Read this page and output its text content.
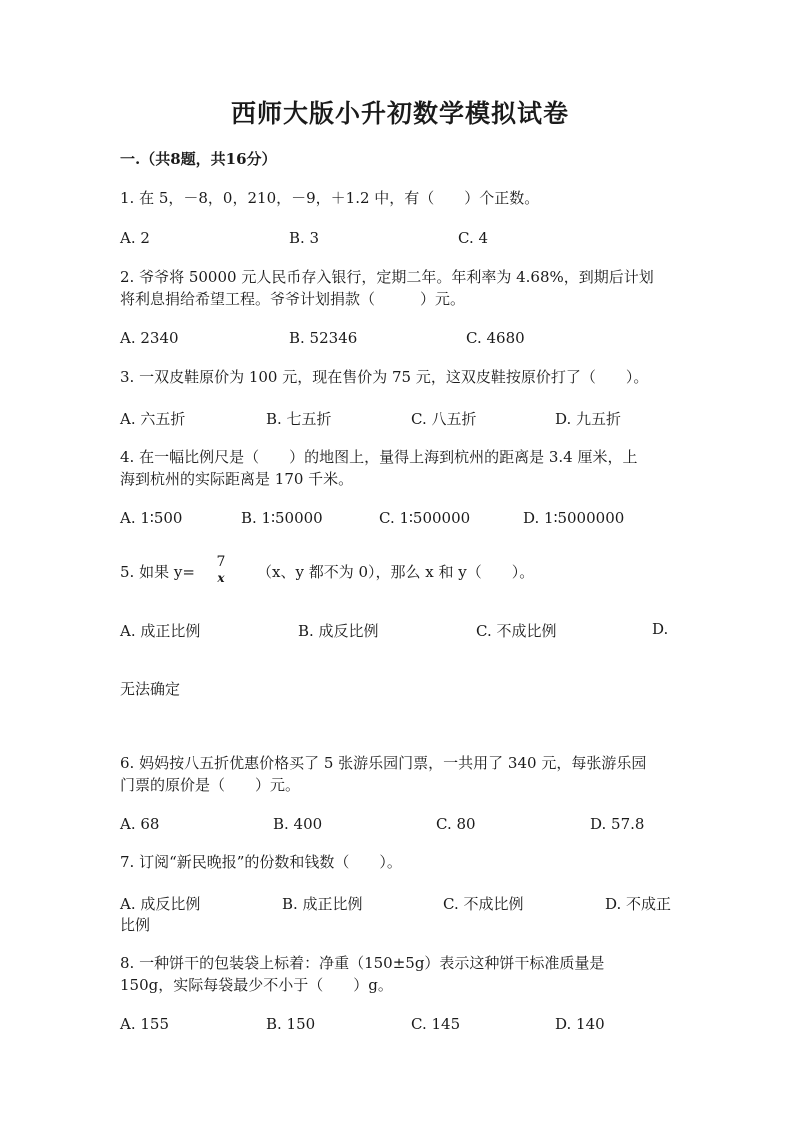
西师大版小升初数学模拟试卷
一.（共8题，共16分）
1. 在 5，－8，0，210，－9，＋1.2 中，有（　　）个正数。
A. 2	B. 3	C. 4
2. 爷爷将 50000 元人民币存入银行，定期二年。年利率为 4.68%，到期后计划
将利息捐给希望工程。爷爷计划捐款（　　　）元。
A. 2340	B. 52346	C. 4680
3. 一双皮鞋原价为 100 元，现在售价为 75 元，这双皮鞋按原价打了（　　）。
A. 六五折	B. 七五折	C. 八五折	D. 九五折
4. 在一幅比例尺是（　　）的地图上，量得上海到杭州的距离是 3.4 厘米，上
海到杭州的实际距离是 170 千米。
A. 1∶500	B. 1∶50000	C. 1∶500000	D. 1∶5000000
5. 如果 y=
7
x （x、y 都不为 0），那么 x 和 y（　　）。
A. 成正比例	B. 成反比例	C. 不成比例	D.
无法确定
6. 妈妈按八五折优惠价格买了 5 张游乐园门票，一共用了 340 元，每张游乐园
门票的原价是（　　）元。
A. 68	B. 400	C. 80	D. 57.8
7. 订阅“新民晚报”的份数和钱数（　　）。
A. 成反比例	B. 成正比例	C. 不成比例	D. 不成正
比例
8. 一种饼干的包装袋上标着：净重（150±5g）表示这种饼干标准质量是
150g，实际每袋最少不小于（　　）g。
A. 155	B. 150	C. 145	D. 140
